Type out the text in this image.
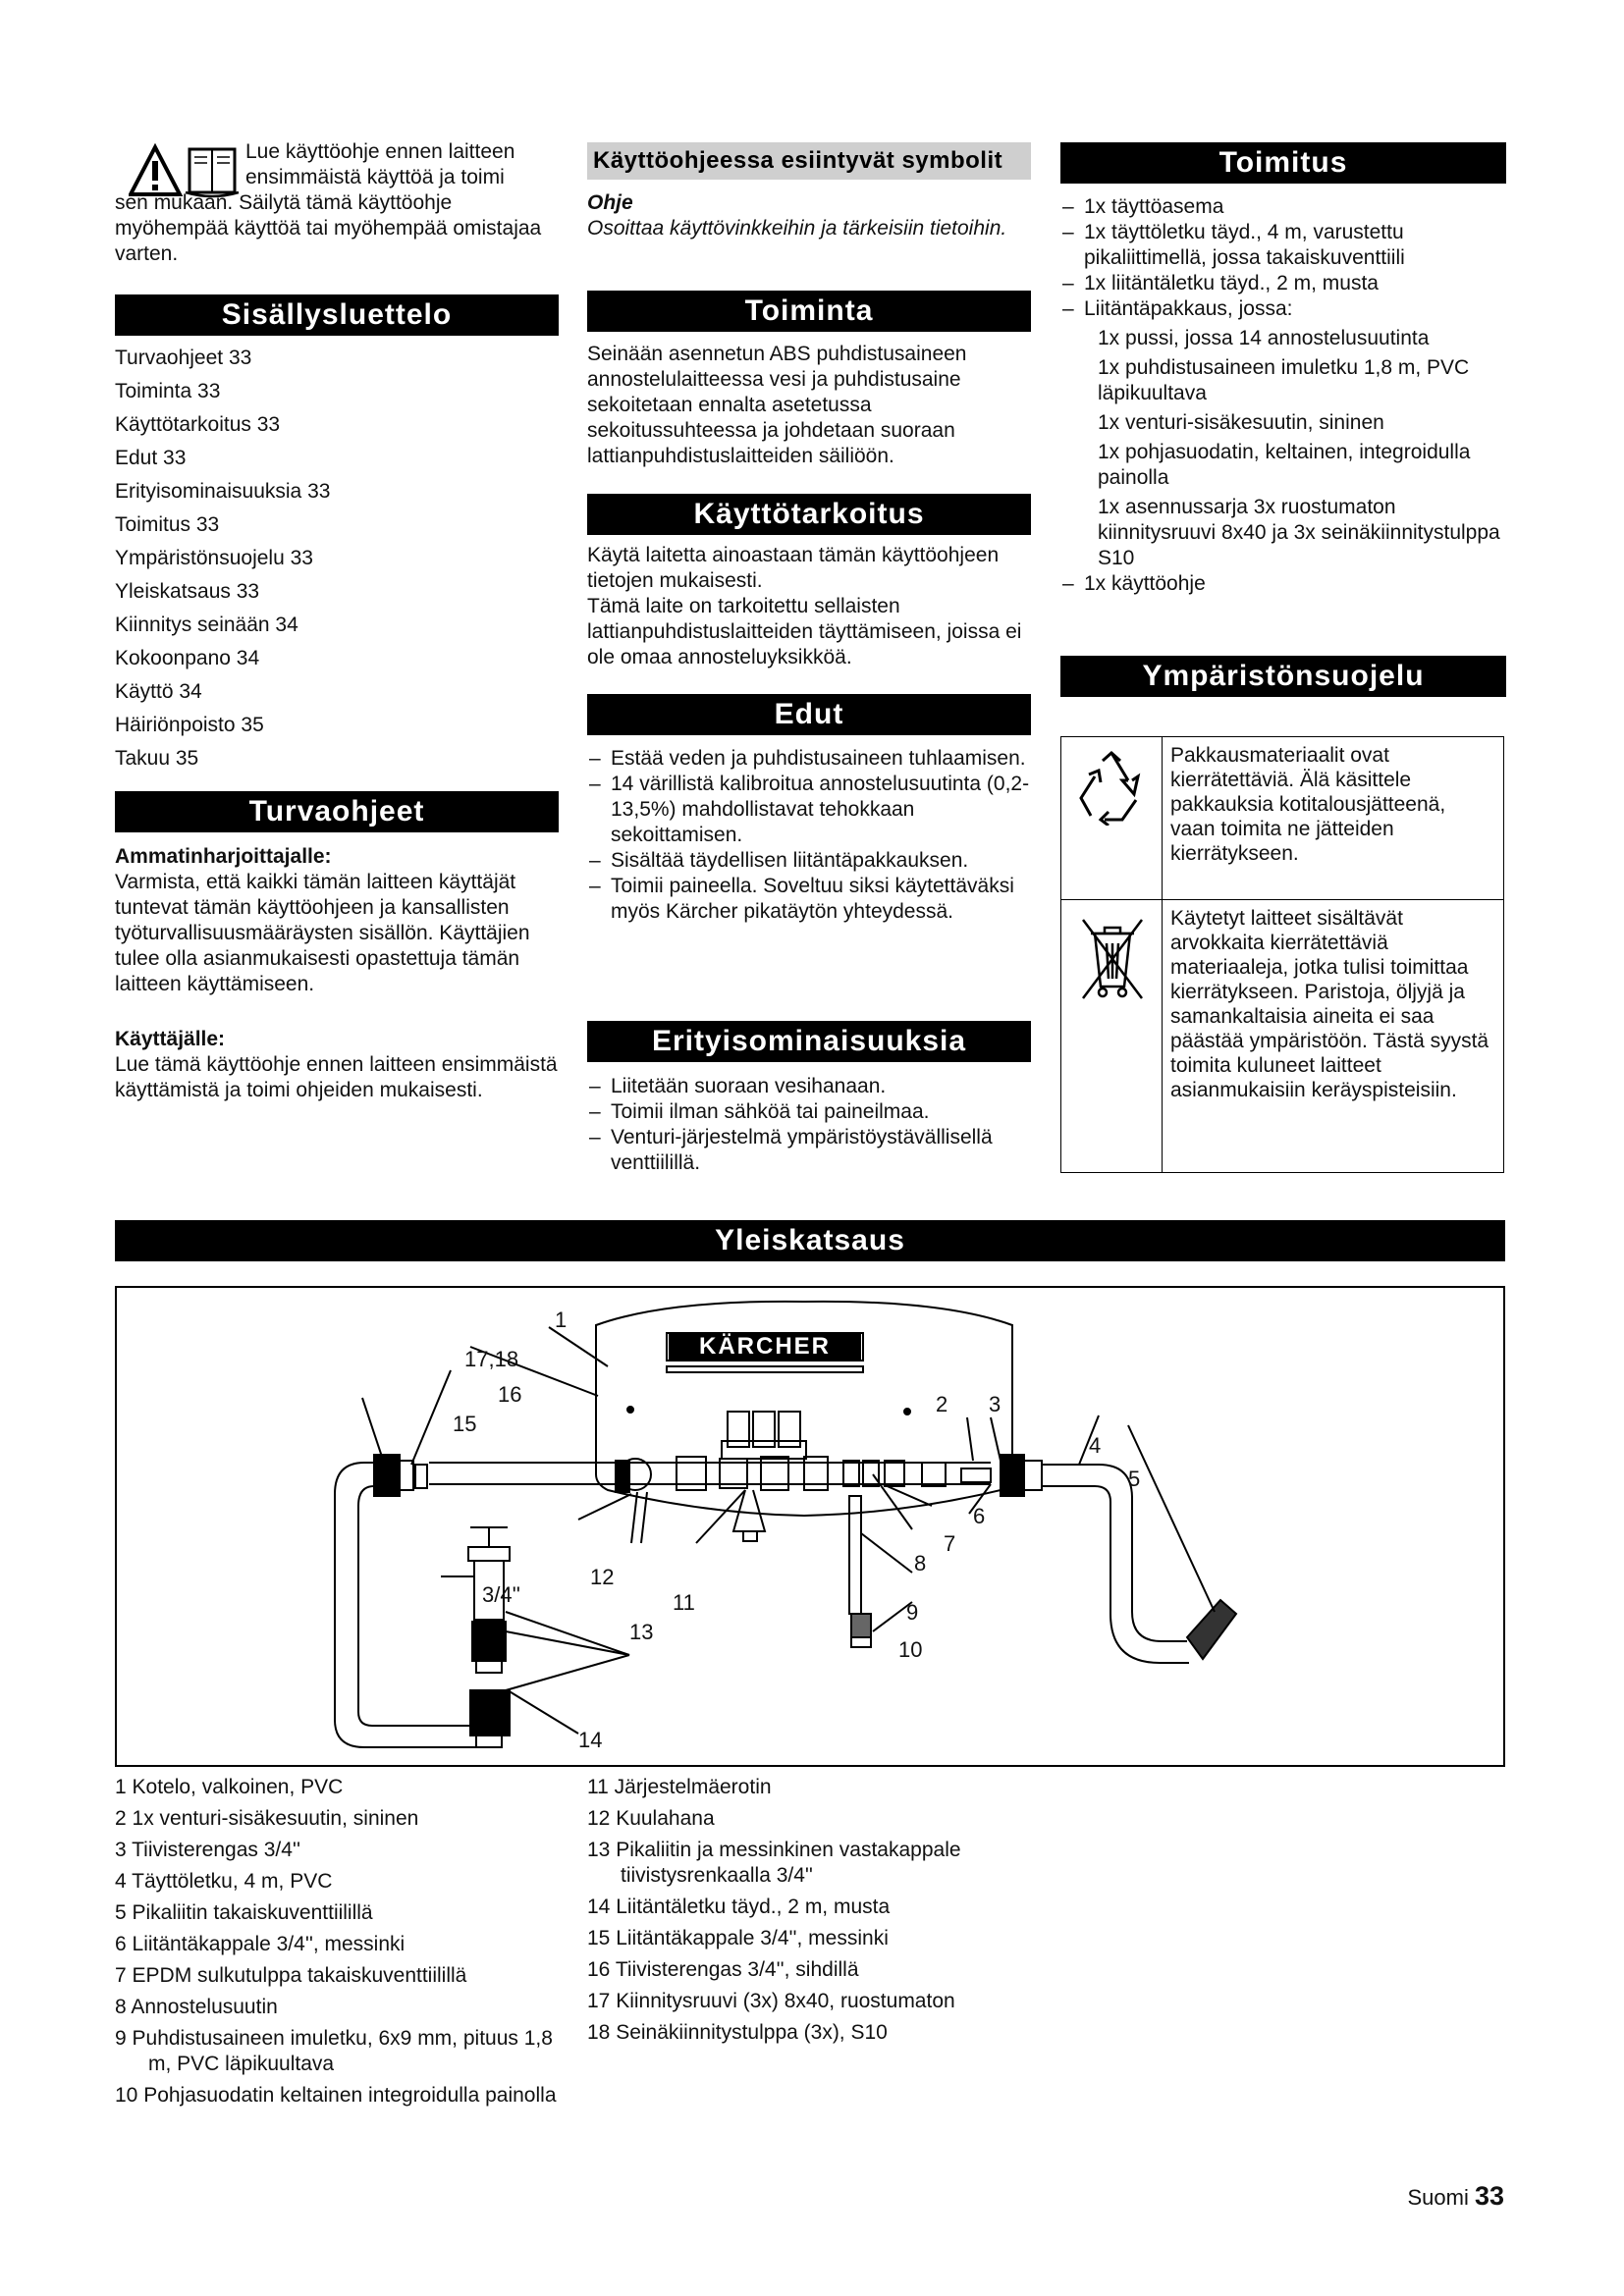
Lue käyttöohje ennen laitteen

ensimmäistä käyttöä ja toimi

sen mukaan. Säilytä tämä käyttöohje myöhempää käyttöä tai myöhempää omistajaa varten.

Sisällysluettelo
Turvaohjeet 33
Toiminta 33
Käyttötarkoitus 33
Edut 33
Erityisominaisuuksia 33
Toimitus 33
Ympäristönsuojelu 33
Yleiskatsaus 33
Kiinnitys seinään 34
Kokoonpano 34
Käyttö 34
Häiriönpoisto 35
Takuu 35
Turvaohjeet

Ammatinharjoittajalle:

Varmista, että kaikki tämän laitteen käyttäjät tuntevat tämän käyttöohjeen ja kansallisten työturvallisuusmääräysten sisällön. Käyttäjien tulee olla asianmukaisesti opastettuja tämän laitteen käyttämiseen.

Käyttäjälle:

Lue tämä käyttöohje ennen laitteen ensimmäistä käyttämistä ja toimi ohjeiden mukaisesti.

Käyttöohjeessa esiintyvät symbolit

Ohje

Osoittaa käyttövinkkeihin ja tärkeisiin tietoihin.

Toiminta

Seinään asennetun ABS puhdistusaineen annostelulaitteessa vesi ja puhdistusaine sekoitetaan ennalta asetetussa sekoitussuhteessa ja johdetaan suoraan lattianpuhdistuslaitteiden säiliöön.

Käyttötarkoitus

Käytä laitetta ainoastaan tämän käyttöohjeen tietojen mukaisesti.

Tämä laite on tarkoitettu sellaisten lattianpuhdistuslaitteiden täyttämiseen, joissa ei ole omaa annosteluyksikköä.

Edut
– Estää veden ja puhdistusaineen tuhlaamisen.
– 14 värillistä kalibroitua annostelusuutinta (0,2-13,5%) mahdollistavat tehokkaan sekoittamisen.
– Sisältää täydellisen liitäntäpakkauksen.
– Toimii paineella. Soveltuu siksi käytettäväksi myös Kärcher pikatäytön yhteydessä.
Erityisominaisuuksia
– Liitetään suoraan vesihanaan.
– Toimii ilman sähköä tai paineilmaa.
– Venturi-järjestelmä ympäristöystävällisellä venttiilillä.
Toimitus
– 1x täyttöasema
– 1x täyttöletku täyd., 4 m, varustettu pikaliittimellä, jossa takaiskuventtiili
– 1x liitäntäletku täyd., 2 m, musta
– Liitäntäpakkaus, jossa:
1x pussi, jossa 14 annostelusuutinta
1x puhdistusaineen imuletku 1,8 m, PVC läpikuultava
1x venturi-sisäkesuutin, sininen
1x pohjasuodatin, keltainen, integroidulla painolla
1x asennussarja 3x ruostumaton kiinnitysruuvi 8x40 ja 3x seinäkiinnitystulppa S10
– 1x käyttöohje
Ympäristönsuojelu
	Pakkausmateriaalit ovat kierrätettäviä. Älä käsittele pakkauksia kotitalousjätteenä, vaan toimita ne jätteiden kierrätykseen.
	Käytetyt laitteet sisältävät arvokkaita kierrätettäviä materiaaleja, jotka tulisi toimittaa kierrätykseen. Paristoja, öljyjä ja samankaltaisia aineita ei saa päästää ympäristöön. Tästä syystä toimita kuluneet laitteet asianmukaisiin keräyspisteisiin.
Yleiskatsaus
KÄRCHER
1
17,18
16
15
2 3
4
5
6
7
8
9
10
11
12
13
14
3/4''
1 Kotelo, valkoinen, PVC
2 1x venturi-sisäkesuutin, sininen
3 Tiivisterengas 3/4''
4 Täyttöletku, 4 m, PVC
5 Pikaliitin takaiskuventtiilillä
6 Liitäntäkappale 3/4'', messinki
7 EPDM sulkutulppa takaiskuventtiilillä
8 Annostelusuutin
9 Puhdistusaineen imuletku, 6x9 mm, pituus 1,8 m, PVC läpikuultava
10 Pohjasuodatin keltainen integroidulla painolla
11 Järjestelmäerotin
12 Kuulahana
13 Pikaliitin ja messinkinen vastakappale tiivistysrenkaalla 3/4''
14 Liitäntäletku täyd., 2 m, musta
15 Liitäntäkappale 3/4'', messinki
16 Tiivisterengas 3/4'', sihdillä
17 Kiinnitysruuvi (3x) 8x40, ruostumaton
18 Seinäkiinnitystulppa (3x), S10
Suomi 33
